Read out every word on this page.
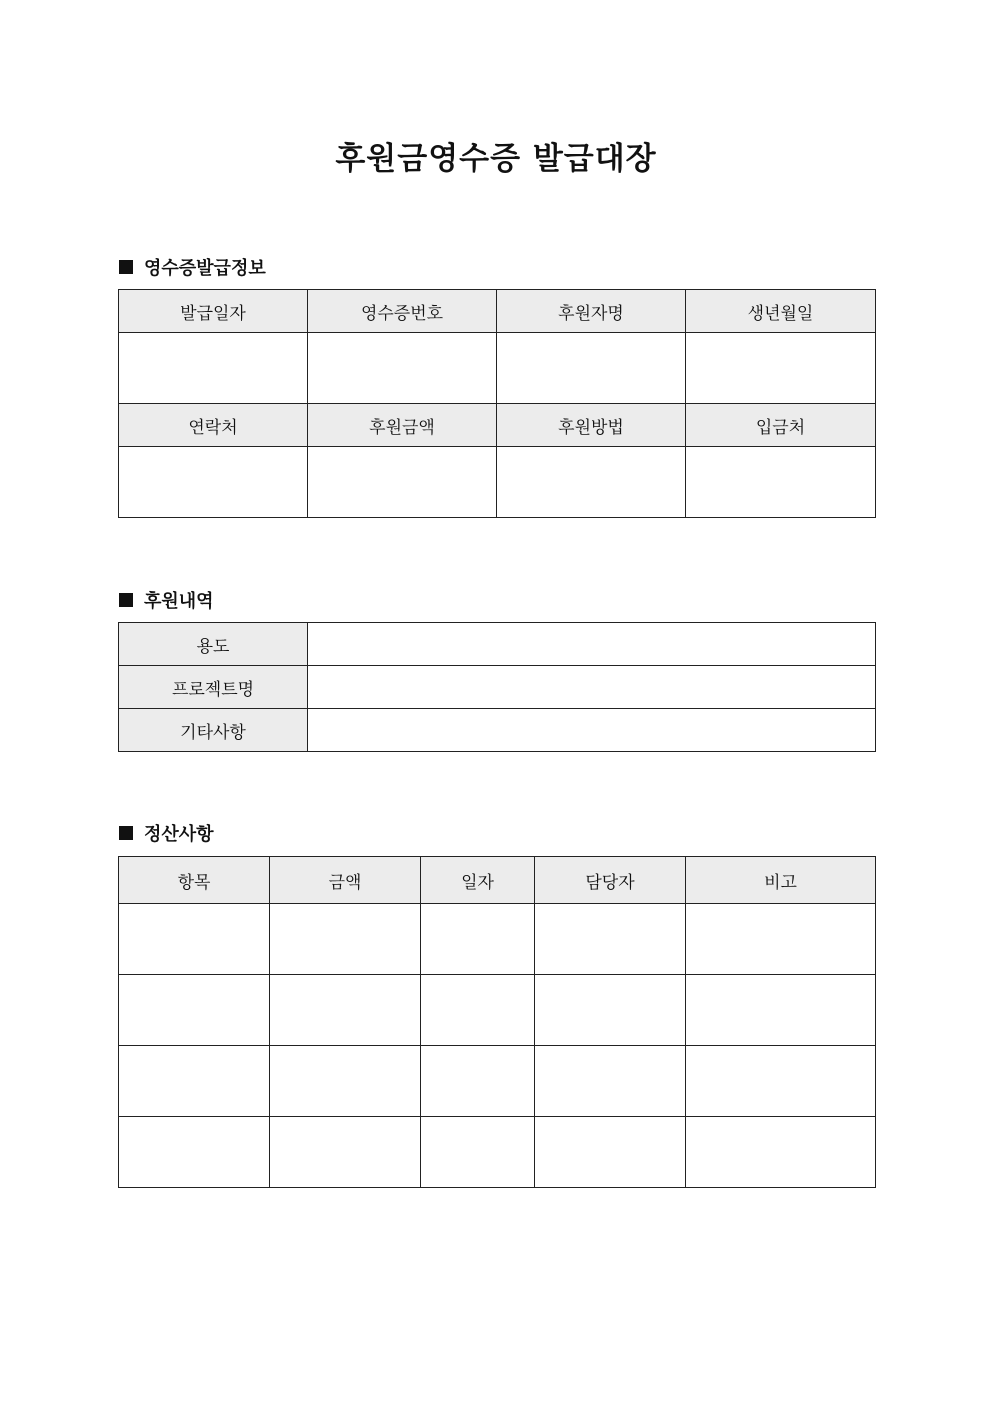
후원금영수증 발급대장
영수증발급정보
발급일자	영수증번호	후원자명	생년월일

연락처	후원금액	후원방법	입금처

후원내역
용도	
프로젝트명	
기타사항	
정산사항
항목	금액	일자	담당자	비고
